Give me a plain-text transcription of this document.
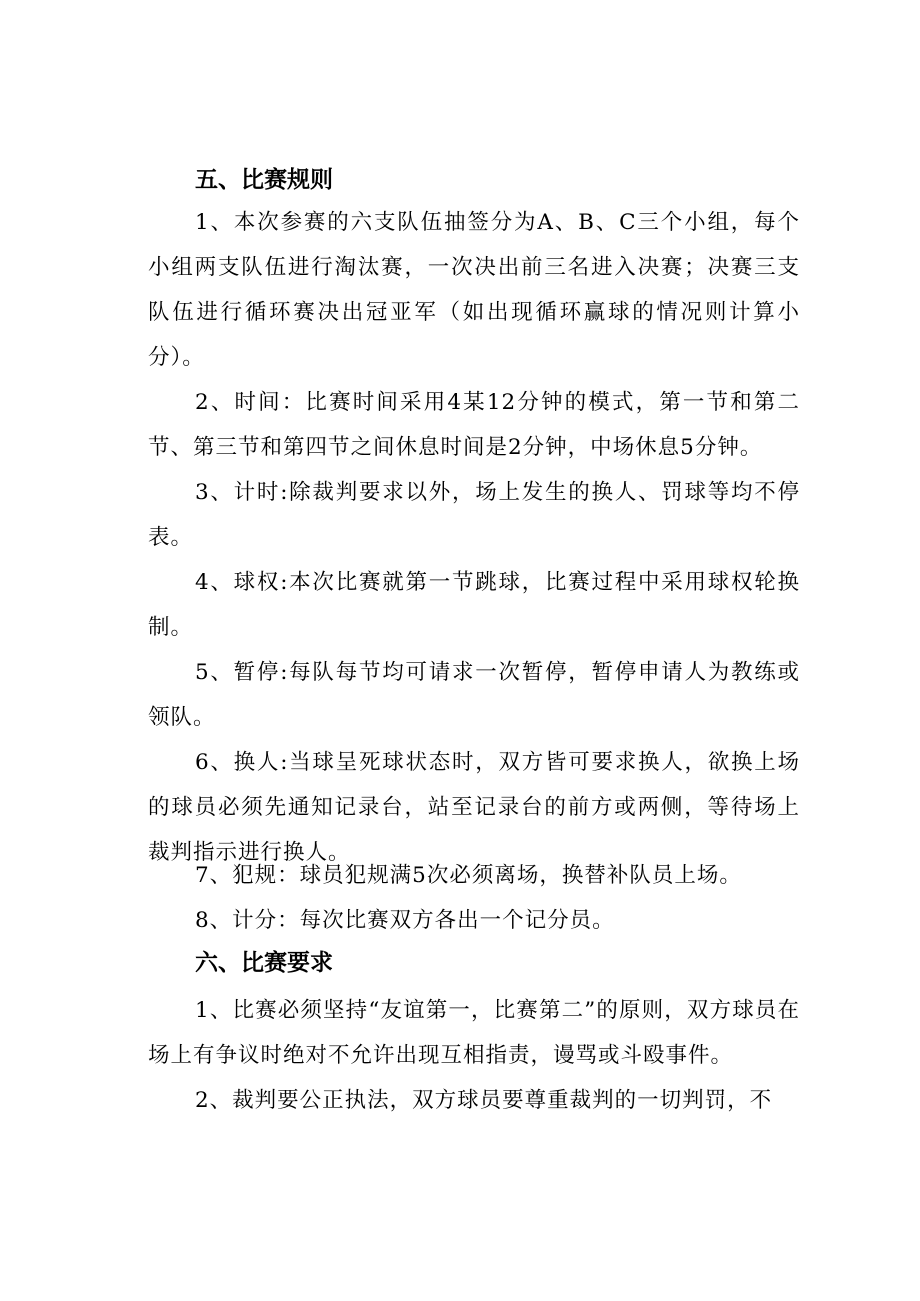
五、比赛规则
1、本次参赛的六支队伍抽签分为A、B、C三个小组，每个小组两支队伍进行淘汰赛，一次决出前三名进入决赛；决赛三支队伍进行循环赛决出冠亚军（如出现循环赢球的情况则计算小分）。
2、时间：比赛时间采用4某12分钟的模式，第一节和第二节、第三节和第四节之间休息时间是2分钟，中场休息5分钟。
3、计时:除裁判要求以外，场上发生的换人、罚球等均不停表。
4、球权:本次比赛就第一节跳球，比赛过程中采用球权轮换制。
5、暂停:每队每节均可请求一次暂停，暂停申请人为教练或领队。
6、换人:当球呈死球状态时，双方皆可要求换人，欲换上场的球员必须先通知记录台，站至记录台的前方或两侧，等待场上裁判指示进行换人。
7、犯规：球员犯规满5次必须离场，换替补队员上场。
8、计分：每次比赛双方各出一个记分员。
六、比赛要求
1、比赛必须坚持“友谊第一，比赛第二”的原则，双方球员在场上有争议时绝对不允许出现互相指责，谩骂或斗殴事件。
2、裁判要公正执法，双方球员要尊重裁判的一切判罚，不
